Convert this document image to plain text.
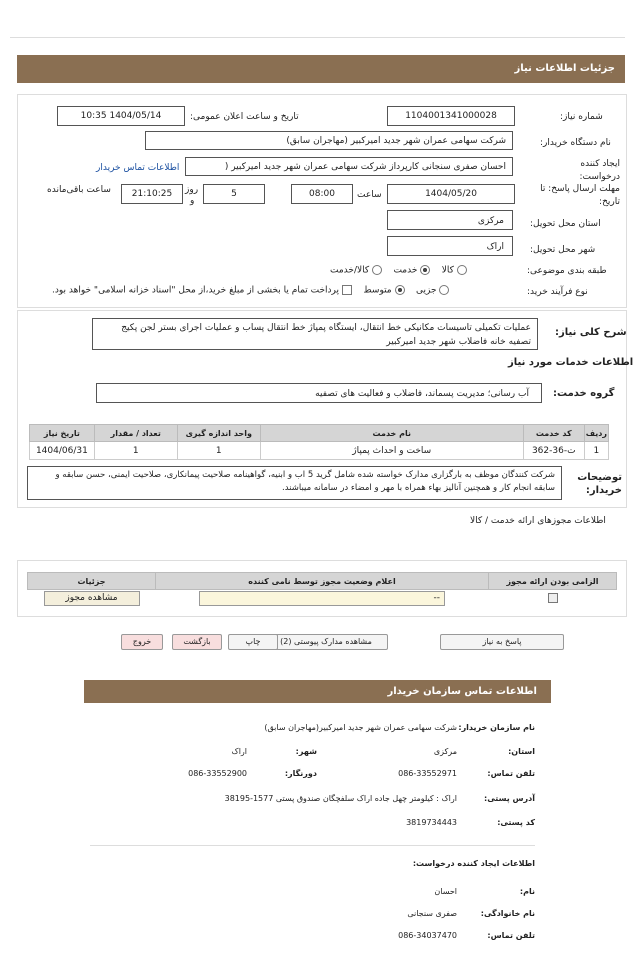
جزئیات اطلاعات نیاز
شماره نیاز:
1104001341000028
تاریخ و ساعت اعلان عمومی:
1404/05/14 10:35
نام دستگاه خریدار:
شرکت سهامی عمران شهر جدید امیرکبیر (مهاجران سابق)
ایجاد کننده درخواست:
احسان صفری سنجانی کارپرداز شرکت سهامی عمران شهر جدید امیرکبیر (
اطلاعات تماس خریدار
مهلت ارسال پاسخ: تا تاریخ:
1404/05/20
ساعت
08:00
5
روز
و
21:10:25
ساعت باقی‌مانده
استان محل تحویل:
مرکزی
شهر محل تحویل:
اراک
طبقه بندی موضوعی:
کالا     خدمت     کالا/خدمت
نوع فرآیند خرید:
جزیی     متوسط     پرداخت تمام یا بخشی از مبلغ خرید،از محل "اسناد خزانه اسلامی" خواهد بود.
شرح کلی نیاز:
عملیات تکمیلی تاسیسات مکانیکی خط انتقال، ایستگاه پمپاژ خط انتقال پساب و عملیات اجرای بستر لجن پکیج تصفیه خانه فاضلاب شهر جدید امیرکبیر
اطلاعات خدمات مورد نیاز
گروه خدمت:
آب رسانی؛ مدیریت پسماند، فاضلاب و فعالیت های تصفیه
ردیف	کد خدمت	نام خدمت	واحد اندازه گیری	تعداد / مقدار	تاریخ نیاز
1	ت-36-362	ساخت و احداث پمپاژ	1	1	1404/06/31
توضیحات خریدار:
شرکت کنندگان موظف به بارگزاری مدارک خواسته شده شامل گرید 5 اب و ابنیه، گواهینامه صلاحیت پیمانکاری، صلاحیت ایمنی، حسن سابقه و سابقه انجام کار و همچنین آنالیز بهاء همراه با مهر و امضاء در سامانه میباشند.
اطلاعات مجوزهای ارائه خدمت / کالا
الزامی بودن ارائه مجوز	اعلام وضعیت مجوز توسط نامی کننده	جزئیات

	--	مشاهده مجوز
پاسخ به نیاز
مشاهده مدارک پیوستی (2)
چاپ
بازگشت
خروج
اطلاعات تماس سازمان خریدار
نام سازمان خریدار:	شرکت سهامی عمران شهر جدید امیرکبیر(مهاجران سابق)		

استان:	مرکزی	شهر:	اراک
تلفن تماس:	086-33552971	دورنگار:	086-33552900
آدرس پستی:	اراک : کیلومتر چهل جاده اراک سلفچگان صندوق پستی 1577-38195		
کد پستی:	3819734443		
اطلاعات ایجاد کننده درخواست:
نام:	احسان
نام خانوادگی:	صفری سنجانی
تلفن تماس:	086-34037470
